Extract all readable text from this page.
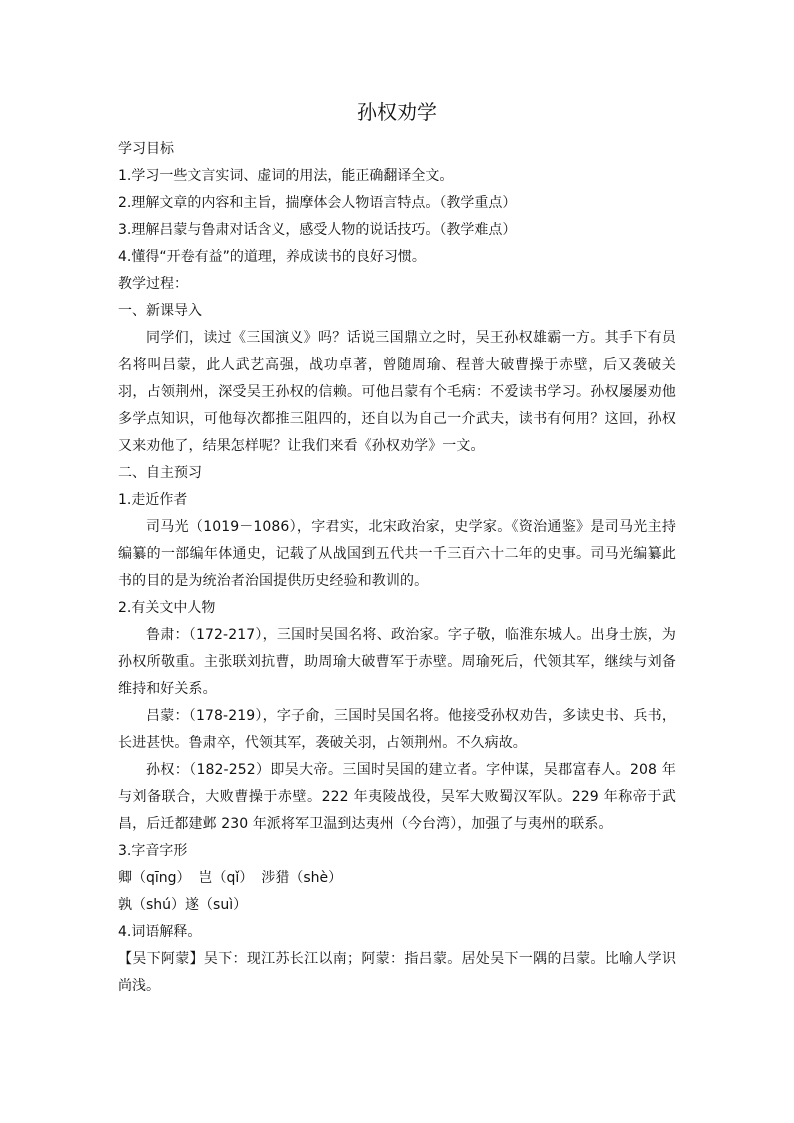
孙权劝学

学习目标

1.学习一些文言实词、虚词的用法，能正确翻译全文。

2.理解文章的内容和主旨，揣摩体会人物语言特点。（教学重点）

3.理解吕蒙与鲁肃对话含义，感受人物的说话技巧。（教学难点）

4.懂得“开卷有益”的道理，养成读书的良好习惯。

教学过程：

一、新课导入

同学们，读过《三国演义》吗？话说三国鼎立之时，吴王孙权雄霸一方。其手下有员名将叫吕蒙，此人武艺高强，战功卓著，曾随周瑜、程普大破曹操于赤壁，后又袭破关羽，占领荆州，深受吴王孙权的信赖。可他吕蒙有个毛病：不爱读书学习。孙权屡屡劝他多学点知识，可他每次都推三阻四的，还自以为自己一介武夫，读书有何用？这回，孙权又来劝他了，结果怎样呢？让我们来看《孙权劝学》一文。

二、自主预习

1.走近作者

司马光（1019－1086），字君实，北宋政治家，史学家。《资治通鉴》是司马光主持编纂的一部编年体通史，记载了从战国到五代共一千三百六十二年的史事。司马光编纂此书的目的是为统治者治国提供历史经验和教训的。

2.有关文中人物

鲁肃：（172-217），三国时吴国名将、政治家。字子敬，临淮东城人。出身士族，为孙权所敬重。主张联刘抗曹，助周瑜大破曹军于赤壁。周瑜死后，代领其军，继续与刘备维持和好关系。

吕蒙：（178-219），字子俞，三国时吴国名将。他接受孙权劝告，多读史书、兵书，长进甚快。鲁肃卒，代领其军，袭破关羽，占领荆州。不久病故。

孙权：（182-252）即吴大帝。三国时吴国的建立者。字仲谋，吴郡富春人。208 年与刘备联合，大败曹操于赤壁。222 年夷陵战役，吴军大败蜀汉军队。229 年称帝于武昌，后迁都建邺 230 年派将军卫温到达夷州（今台湾），加强了与夷州的联系。

3.字音字形

卿（qīng） 岂（qǐ） 涉猎（shè）

孰（shú）遂（suì）

4.词语解释。

【吴下阿蒙】吴下：现江苏长江以南；阿蒙：指吕蒙。居处吴下一隅的吕蒙。比喻人学识尚浅。
